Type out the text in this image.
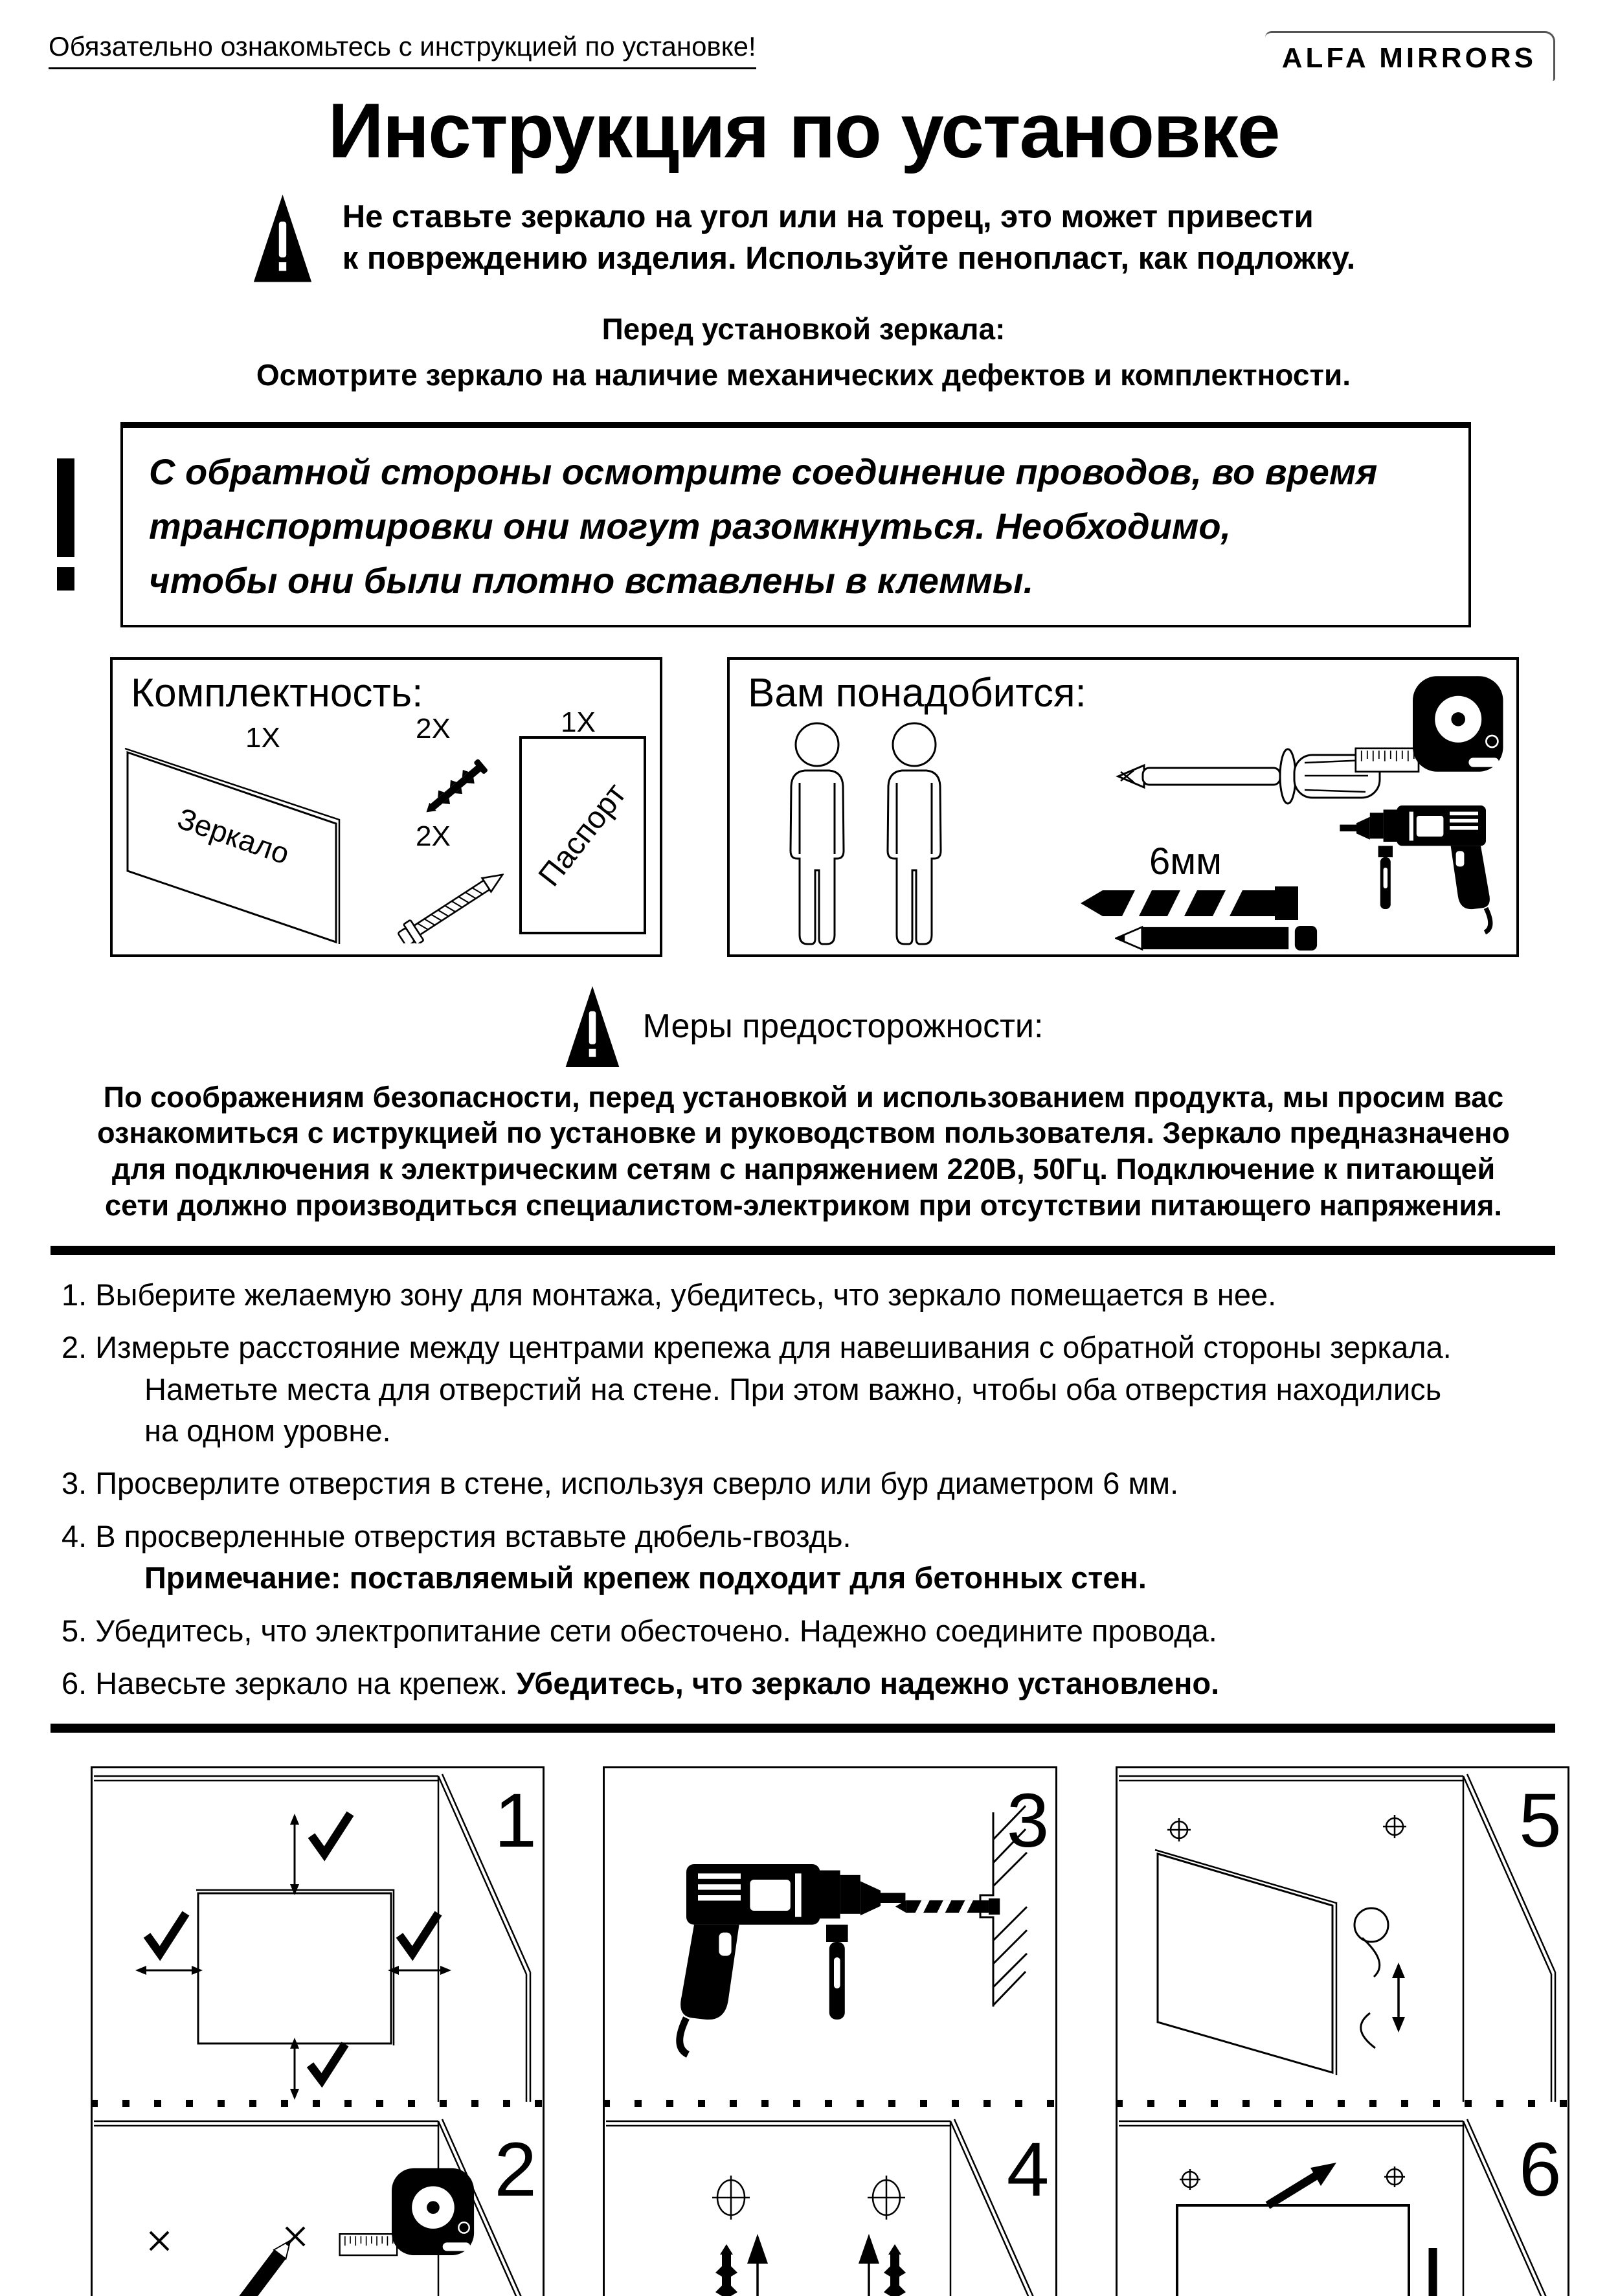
Обязательно ознакомьтесь с инструкцией по установке!	ALFA MIRRORS
Инструкция по установке
Не ставьте зеркало на угол или на торец, это может привести
к повреждению изделия. Используйте пенопласт, как подложку.
Перед установкой зеркала:
Осмотрите зеркало на наличие механических дефектов и комплектности.
С обратной стороны осмотрите соединение проводов, во время
транспортировки они могут разомкнуться. Необходимо,
чтобы они были плотно вставлены в клеммы.
Комплектность:
1X
Зеркало
2X
2X
1X
Паспорт
Вам понадобится:
6мм
Меры предосторожности:
По соображениям безопасности, перед установкой и использованием продукта, мы просим вас
ознакомиться с иструкцией по установке и руководством пользователя. Зеркало предназначено
для подключения к электрическим сетям с напряжением 220В, 50Гц. Подключение к питающей
сети должно производиться специалистом-электриком при отсутствии питающего напряжения.
1. Выберите желаемую зону для монтажа, убедитесь, что зеркало помещается в нее.
2. Измерьте расстояние между центрами крепежа для навешивания с обратной стороны зеркала.
Наметьте места для отверстий на стене. При этом важно, чтобы оба отверстия находились
на одном уровне.
3. Просверлите отверстия в стене, используя сверло или бур диаметром 6 мм.
4. В просверленные отверстия вставьте дюбель-гвоздь.
Примечание: поставляемый крепеж подходит для бетонных стен.
5. Убедитесь, что электропитание сети обесточено. Надежно соедините провода.
6. Навесьте зеркало на крепеж. Убедитесь, что зеркало надежно установлено.
1
2
3
4
5
6
